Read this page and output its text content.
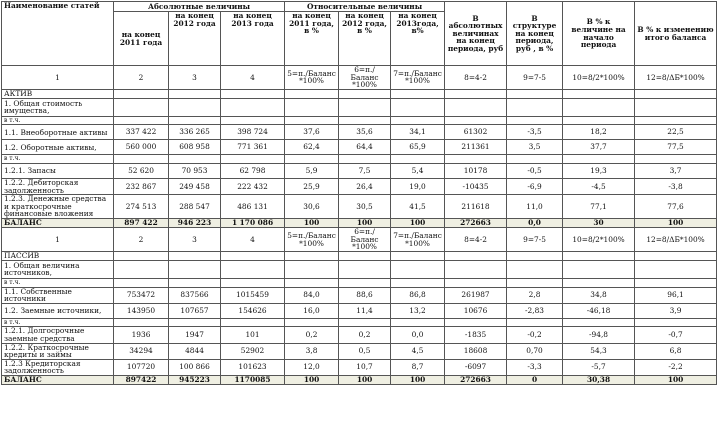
Наименование статей	Абсолютные величины			Относительные величины			В абсолютных величинах на конец периода, руб	В структуре на конец периода, руб , в %	В % к величине на начало периода	В % к изменению итого баланса
	на конец 2011 года	на конец 2012 года	на конец 2013 года	на конец 2011 года, в %	на конец 2012 года, в %	на конец 2013года, в%				
1	2	3	4	5=п./Баланс *100%	6=п./Баланс *100%	7=п./Баланс *100%	8=4-2	9=7-5	10=8/2*100%	12=8/ΔБ*100%
АКТИВ										
1. Общая стоимость имущества,										
в т.ч.										
1.1. Внеоборотные активы	337 422	336 265	398 724	37,6	35,6	34,1	61302	-3,5	18,2	22,5
1.2. Оборотные активы,	560 000	608 958	771 361	62,4	64,4	65,9	211361	3,5	37,7	77,5
в т.ч.										
1.2.1. Запасы	52 620	70 953	62 798	5,9	7,5	5,4	10178	-0,5	19,3	3,7
1.2.2. Дебиторская задолженность	232 867	249 458	222 432	25,9	26,4	19,0	-10435	-6,9	-4,5	-3,8
1.2.3. Денежные средства и краткосрочные финансовые вложения	274 513	288 547	486 131	30,6	30,5	41,5	211618	11,0	77,1	77,6
БАЛАНС	897 422	946 223	1 170 086	100	100	100	272663	0,0	30	100
1	2	3	4	5=п./Баланс *100%	6=п./Баланс *100%	7=п./Баланс *100%	8=4-2	9=7-5	10=8/2*100%	12=8/ΔБ*100%
ПАССИВ										
1. Общая величина источников,										
в т.ч.										
1.1. Собственные источники	753472	837566	1015459	84,0	88,6	86,8	261987	2,8	34,8	96,1
1.2. Заемные источники,	143950	107657	154626	16,0	11,4	13,2	10676	-2,83	-46,18	3,9
в т.ч.										
1.2.1. Долгосрочные заемные средства	1936	1947	101	0,2	0,2	0,0	-1835	-0,2	-94,8	-0,7
1.2.2. Краткосрочные кредиты и займы	34294	4844	52902	3,8	0,5	4,5	18608	0,70	54,3	6,8
1.2.3 Кредиторская задолженность	107720	100 866	101623	12,0	10,7	8,7	-6097	-3,3	-5,7	-2,2
БАЛАНС	897422	945223	1170085	100	100	100	272663	0	30,38	100
